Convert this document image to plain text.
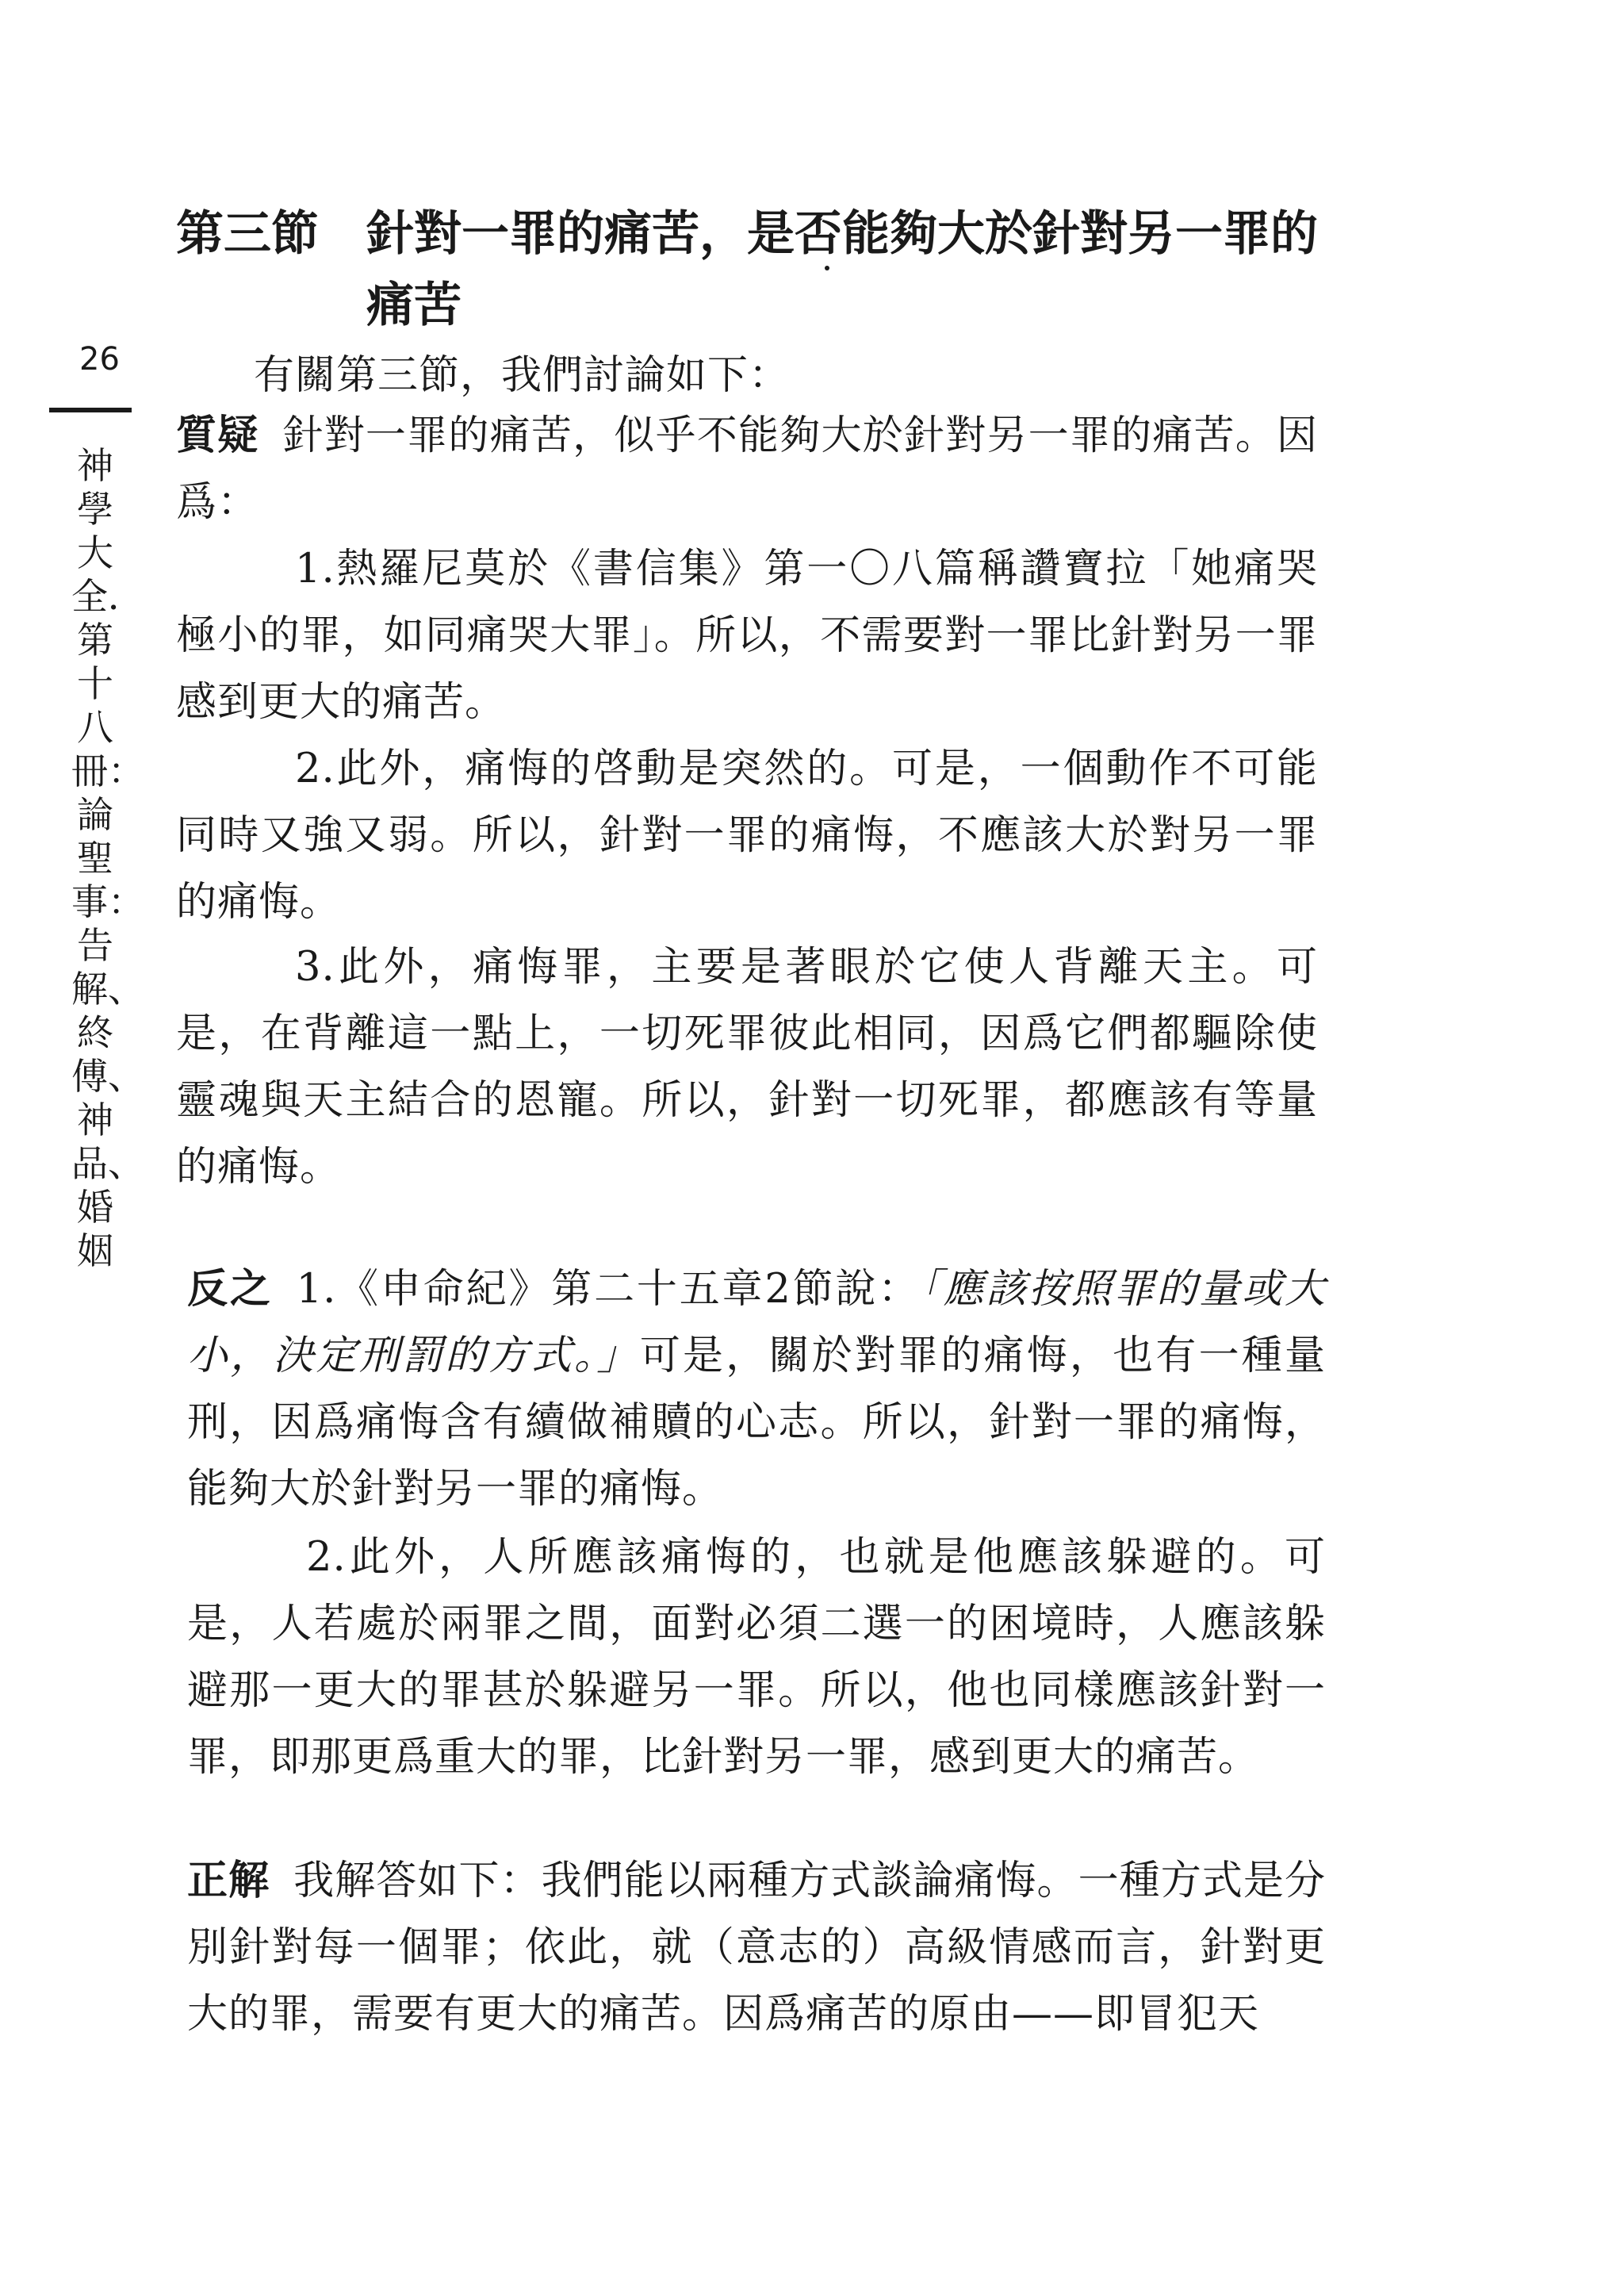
26
神學大全．第十八冊：論聖事：告解、終傅、神品、婚姻
第三節 針對一罪的痛苦，是否能夠大於針對另一罪的痛苦
有關第三節，我們討論如下：
質疑 針對一罪的痛苦，似乎不能夠大於針對另一罪的痛苦。因爲：
1.熱羅尼莫於《書信集》第一〇八篇稱讚寶拉「她痛哭極小的罪，如同痛哭大罪」。所以，不需要對一罪比針對另一罪感到更大的痛苦。
2.此外，痛悔的啓動是突然的。可是，一個動作不可能同時又強又弱。所以，針對一罪的痛悔，不應該大於對另一罪的痛悔。
3.此外，痛悔罪，主要是著眼於它使人背離天主。可是，在背離這一點上，一切死罪彼此相同，因爲它們都驅除使靈魂與天主結合的恩寵。所以，針對一切死罪，都應該有等量的痛悔。
反之 1.《申命紀》第二十五章2節說：「應該按照罪的量或大小，決定刑罰的方式。」可是，關於對罪的痛悔，也有一種量刑，因爲痛悔含有續做補贖的心志。所以，針對一罪的痛悔，能夠大於針對另一罪的痛悔。
2.此外，人所應該痛悔的，也就是他應該躲避的。可是，人若處於兩罪之間，面對必須二選一的困境時，人應該躲避那一更大的罪甚於躲避另一罪。所以，他也同樣應該針對一罪，即那更爲重大的罪，比針對另一罪，感到更大的痛苦。
正解 我解答如下：我們能以兩種方式談論痛悔。一種方式是分別針對每一個罪；依此，就（意志的）高級情感而言，針對更大的罪，需要有更大的痛苦。因爲痛苦的原由——即冒犯天
